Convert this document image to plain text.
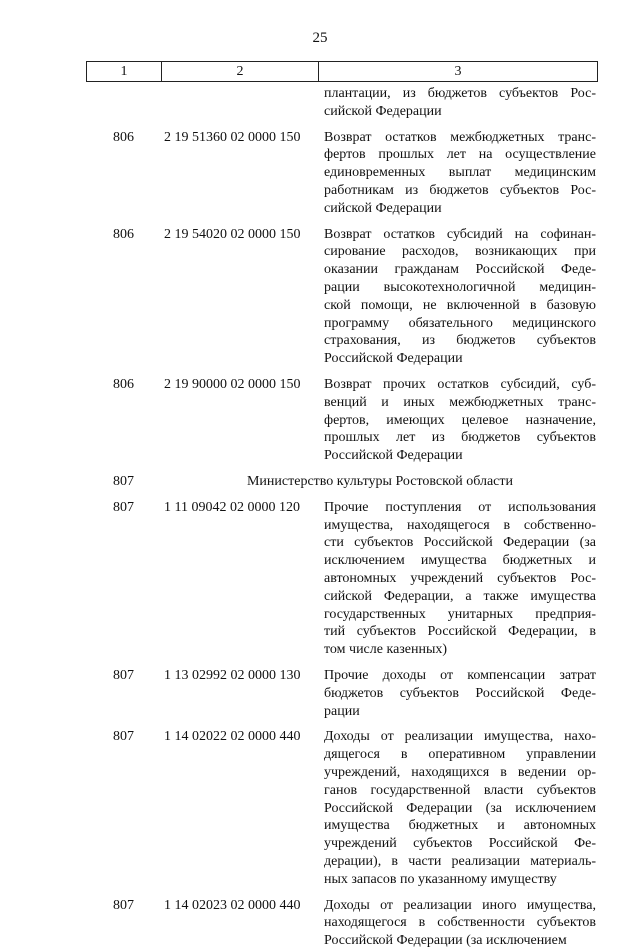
25
1	2	3
плантации, из бюджетов субъектов Рос-
сийской Федерации
806	2 19 51360 02 0000 150	Возврат остатков межбюджетных транс-
фертов прошлых лет на осуществление
единовременных выплат медицинским
работникам из бюджетов субъектов Рос-
сийской Федерации
806	2 19 54020 02 0000 150	Возврат остатков субсидий на софинан-
сирование расходов, возникающих при
оказании гражданам Российской Феде-
рации высокотехнологичной медицин-
ской помощи, не включенной в базовую
программу обязательного медицинского
страхования, из бюджетов субъектов
Российской Федерации
806	2 19 90000 02 0000 150	Возврат прочих остатков субсидий, суб-
венций и иных межбюджетных транс-
фертов, имеющих целевое назначение,
прошлых лет из бюджетов субъектов
Российской Федерации
807	Министерство культуры Ростовской области
807	1 11 09042 02 0000 120	Прочие поступления от использования
имущества, находящегося в собственно-
сти субъектов Российской Федерации (за
исключением имущества бюджетных и
автономных учреждений субъектов Рос-
сийской Федерации, а также имущества
государственных унитарных предприя-
тий субъектов Российской Федерации, в
том числе казенных)
807	1 13 02992 02 0000 130	Прочие доходы от компенсации затрат
бюджетов субъектов Российской Феде-
рации
807	1 14 02022 02 0000 440	Доходы от реализации имущества, нахо-
дящегося в оперативном управлении
учреждений, находящихся в ведении ор-
ганов государственной власти субъектов
Российской Федерации (за исключением
имущества бюджетных и автономных
учреждений субъектов Российской Фе-
дерации), в части реализации материаль-
ных запасов по указанному имуществу
807	1 14 02023 02 0000 440	Доходы от реализации иного имущества,
находящегося в собственности субъектов
Российской Федерации (за исключением
